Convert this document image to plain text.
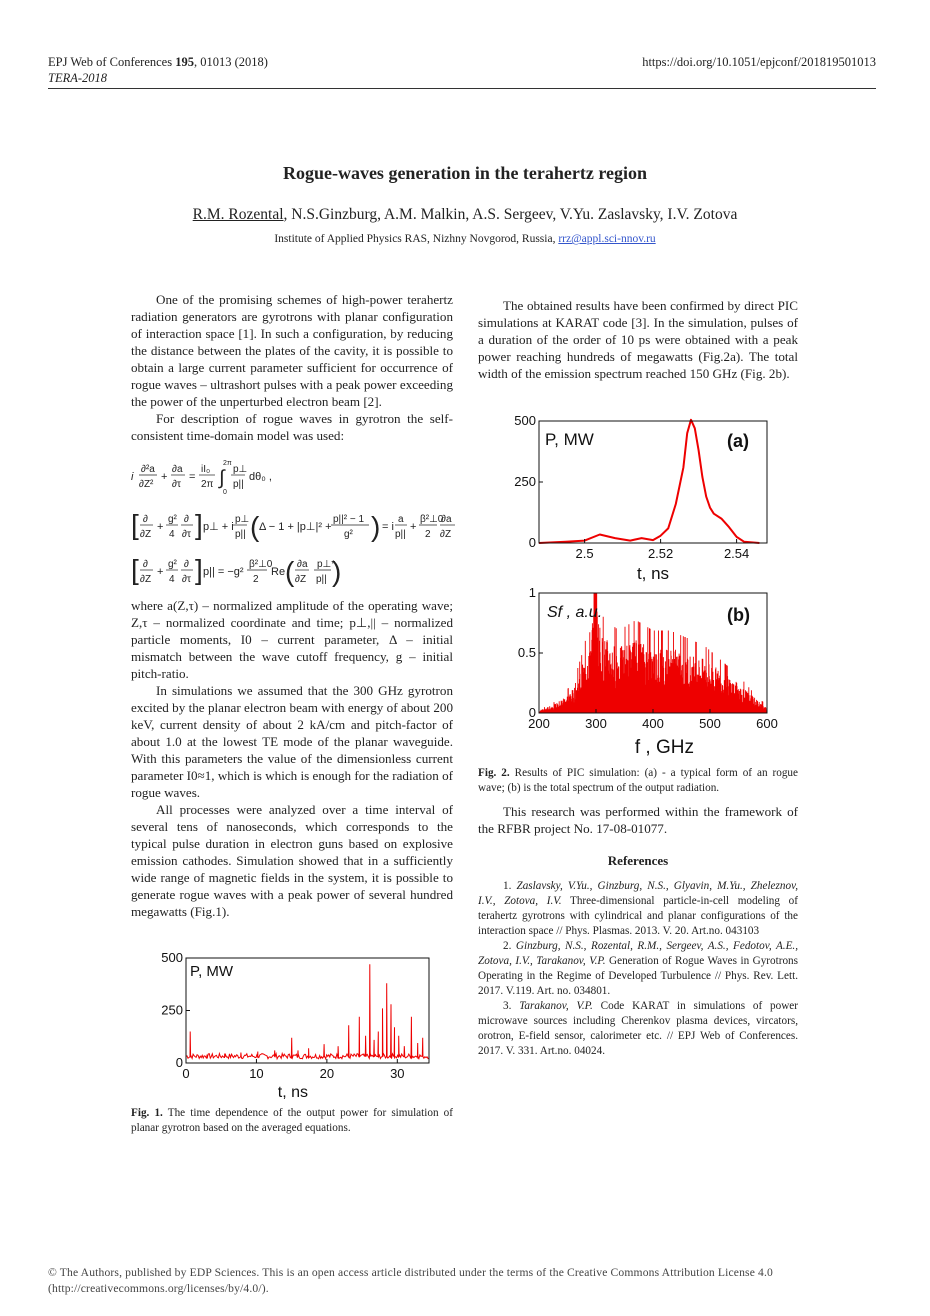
EPJ Web of Conferences 195, 01013 (2018)
TERA-2018
https://doi.org/10.1051/epjconf/201819501013
Rogue-waves generation in the terahertz region
R.M. Rozental, N.S.Ginzburg, A.M. Malkin, A.S. Sergeev, V.Yu. Zaslavsky, I.V. Zotova
Institute of Applied Physics RAS, Nizhny Novgorod, Russia, rrz@appl.sci-nnov.ru

One of the promising schemes of high-power terahertz radiation generators are gyrotrons with planar configuration of interaction space [1]. In such a configuration, by reducing the distance between the plates of the cavity, it is possible to obtain a large current parameter sufficient for occurrence of rogue waves – ultrashort pulses with a peak power exceeding the power of the unperturbed electron beam [2].

For description of rogue waves in gyrotron the self-consistent time-domain model was used:

i
∂²a
∂Z²
+
∂a
∂τ
=
iI₀
2π ∫
2π
0
p⊥
p||
dθ₀ ,
[ ∂
∂Z
+
g²
4
∂
∂τ ] p⊥ + i
p⊥
p|| ( Δ − 1 + |p⊥|² +
p||² − 1
g² ) = i
a
p||
+
β²⊥0
2
∂a
∂Z
[ ∂
∂Z
+
g²
4
∂
∂τ ] p|| = −g²
β²⊥0
2
Re ( ∂a
∂Z
p⊥*
p|| )

where a(Z,τ) – normalized amplitude of the operating wave; Z,τ – normalized coordinate and time; p⊥,|| – normalized particle moments, I0 – current parameter, Δ – initial mismatch between the wave cutoff frequency, g – initial pitch-ratio.

In simulations we assumed that the 300 GHz gyrotron excited by the planar electron beam with energy of about 200 keV, current density of about 2 kA/cm and pitch-factor of about 1.0 at the lowest TE mode of the planar waveguide. With this parameters the value of the dimensionless current parameter I0≈1, which is which is enough for the radiation of rogue waves.

All processes were analyzed over a time interval of several tens of nanoseconds, which corresponds to the typical pulse duration in electron guns based on explosive emission cathodes. Simulation showed that in a sufficiently wide range of magnetic fields in the system, it is possible to generate rogue waves with a peak power of several hundred megawatts (Fig.1).

0	10	20	30
0
250
500
P, MW
t, ns
Fig. 1. The time dependence of the output power for simulation of planar gyrotron based on the averaged equations.

The obtained results have been confirmed by direct PIC simulations at KARAT code [3]. In the simulation, pulses of a duration of the order of 10 ps were obtained with a peak power reaching hundreds of megawatts (Fig.2a). The total width of the emission spectrum reached 150 GHz (Fig. 2b).

2.5	2.52	2.54
0
250
500
P, MW	(a)
t, ns
200	300	400	500	600
0
0.5
1
Sf , a.u.	(b)
f , GHz
Fig. 2. Results of PIC simulation: (a) - a typical form of an rogue wave; (b) is the total spectrum of the output radiation.

This research was performed within the framework of the RFBR project No. 17-08-01077.

References

1. Zaslavsky, V.Yu., Ginzburg, N.S., Glyavin, M.Yu., Zheleznov, I.V., Zotova, I.V. Three-dimensional particle-in-cell modeling of terahertz gyrotrons with cylindrical and planar configurations of the interaction space // Phys. Plasmas. 2013. V. 20. Art.no. 043103

2. Ginzburg, N.S., Rozental, R.M., Sergeev, A.S., Fedotov, A.E., Zotova, I.V., Tarakanov, V.P. Generation of Rogue Waves in Gyrotrons Operating in the Regime of Developed Turbulence // Phys. Rev. Lett. 2017. V.119. Art. no. 034801.

3. Tarakanov, V.P. Code KARAT in simulations of power microwave sources including Cherenkov plasma devices, vircators, orotron, E-field sensor, calorimeter etc. // EPJ Web of Conferences. 2017. V. 331. Art.no. 04024.

© The Authors, published by EDP Sciences. This is an open access article distributed under the terms of the Creative Commons Attribution License 4.0
(http://creativecommons.org/licenses/by/4.0/).
